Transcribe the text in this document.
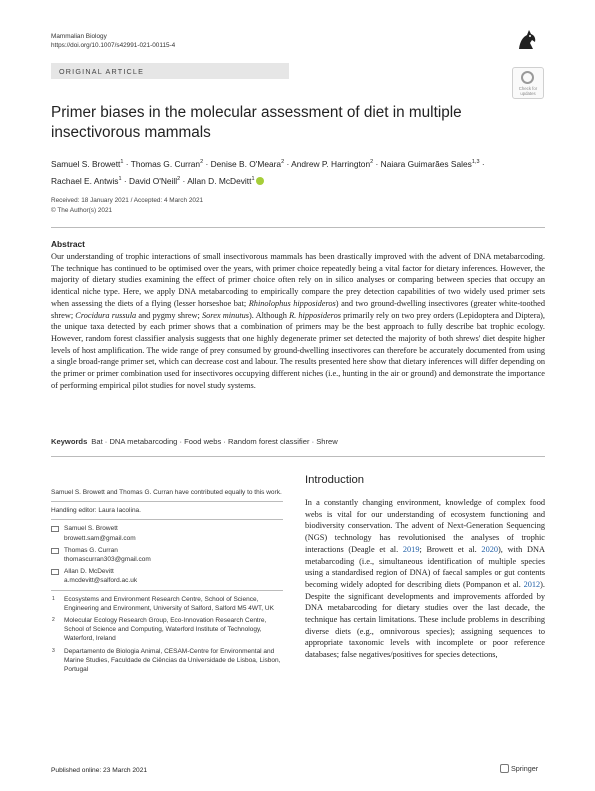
Mammalian Biology
https://doi.org/10.1007/s42991-021-00115-4
ORIGINAL ARTICLE
Check for updates
Primer biases in the molecular assessment of diet in multiple insectivorous mammals
Samuel S. Browett$^1$ · Thomas G. Curran$^2$ · Denise B. O'Meara$^2$ · Andrew P. Harrington$^2$ · Naiara Guimarães Sales$^{1,3}$ ·
Rachael E. Antwis$^1$ · David O'Neill$^2$ · Allan D. McDevitt$^1$
Received: 18 January 2021 / Accepted: 4 March 2021
© The Author(s) 2021
Abstract
Our understanding of trophic interactions of small insectivorous mammals has been drastically improved with the advent of DNA metabarcoding. The technique has continued to be optimised over the years, with primer choice repeatedly being a vital factor for dietary inferences. However, the majority of dietary studies examining the effect of primer choice often rely on in silico analyses or comparing between species that occupy an identical niche type. Here, we apply DNA metabarcoding to empirically compare the prey detection capabilities of two widely used primer sets when assessing the diets of a flying (lesser horseshoe bat; Rhinolophus hipposideros) and two ground-dwelling insectivores (greater white-toothed shrew; Crocidura russula and pygmy shrew; Sorex minutus). Although R. hipposideros primarily rely on two prey orders (Lepidoptera and Diptera), the unique taxa detected by each primer shows that a combination of primers may be the best approach to fully describe bat trophic ecology. However, random forest classifier analysis suggests that one highly degenerate primer set detected the majority of both shrews' diet despite higher levels of host amplification. The wide range of prey consumed by ground-dwelling insectivores can therefore be accurately documented from using a single broad-range primer set, which can decrease cost and labour. The results presented here show that dietary inferences will differ depending on the primer or primer combination used for insectivores occupying different niches (i.e., hunting in the air or ground) and demonstrate the importance of performing empirical pilot studies for novel study systems.
Keywords Bat · DNA metabarcoding · Food webs · Random forest classifier · Shrew
Samuel S. Browett and Thomas G. Curran have contributed equally to this work.
Handling editor: Laura Iacolina.
Samuel S. Browett
browett.sam@gmail.com
Thomas G. Curran
thomascurran303@gmail.com
Allan D. McDevitt
a.mcdevitt@salford.ac.uk
1 Ecosystems and Environment Research Centre, School of Science, Engineering and Environment, University of Salford, Salford M5 4WT, UK
2 Molecular Ecology Research Group, Eco-Innovation Research Centre, School of Science and Computing, Waterford Institute of Technology, Waterford, Ireland
3 Departamento de Biologia Animal, CESAM-Centre for Environmental and Marine Studies, Faculdade de Ciências da Universidade de Lisboa, Lisbon, Portugal
Introduction
In a constantly changing environment, knowledge of complex food webs is vital for our understanding of ecosystem functioning and biodiversity conservation. The advent of Next-Generation Sequencing (NGS) technology has revolutionised the analyses of trophic interactions (Deagle et al. 2019; Browett et al. 2020), with DNA metabarcoding (i.e., simultaneous identification of multiple species using a standardised region of DNA) of faecal samples or gut contents becoming widely adopted for describing diets (Pompanon et al. 2012). Despite the significant developments and improvements afforded by DNA metabarcoding for dietary studies over the last decade, the technique has certain limitations. These include problems in describing diverse diets (e.g., omnivorous species); assigning sequences to appropriate taxonomic levels with incomplete or poor reference databases; false negatives/positives for species detections,
Published online: 23 March 2021	Springer
